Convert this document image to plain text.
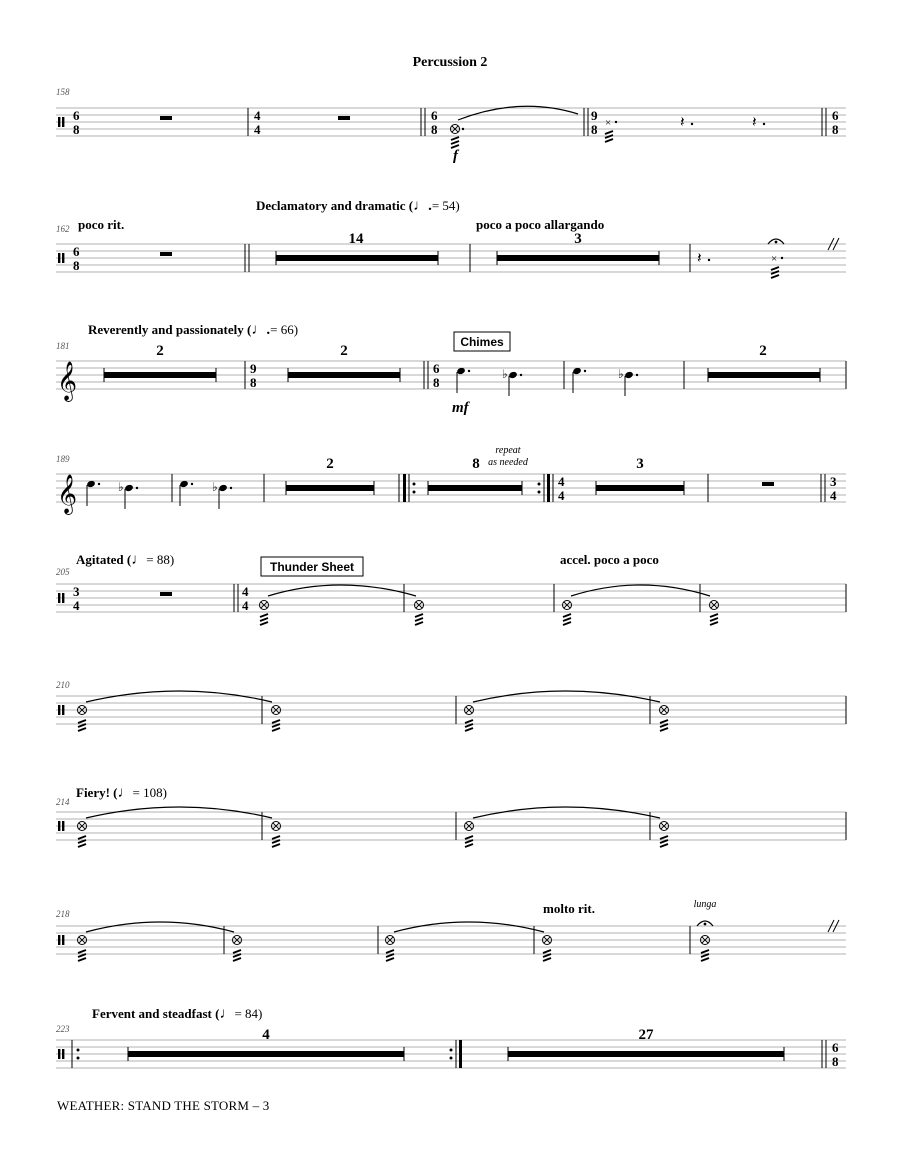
Percussion 2
158
6
8
4
4
6
8
f
9
8 ×	𝄽	𝄽	6
8
Declamatory and dramatic (♩.= 54)
poco rit.	poco a poco allargando
162
6
8
14	3
𝄽	×
Reverently and passionately (♩.= 66)
181	Chimes
𝄞
2
9
8
2
6
8
♭
mf
♭
2
189
𝄞	♭	♭
2	8
repeat
as needed
4
4
3
3
4
Agitated (♩= 88)	accel. poco a poco
205	Thunder Sheet
3
4
4
4
210
Fiery! (♩= 108)
214
218	molto rit.	lunga
Fervent and steadfast (♩= 84)
223	4	27
6
8
WEATHER: STAND THE STORM – 3
